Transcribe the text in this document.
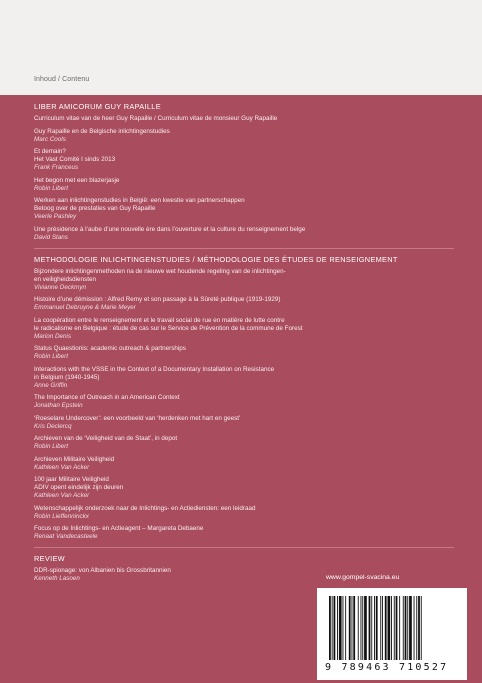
Inhoud / Contenu
LIBER AMICORUM GUY RAPAILLE
Curriculum vitae van de heer Guy Rapaille / Curriculum vitae de monsieur Guy Rapaille
Guy Rapaille en de Belgische inlichtingenstudies
Marc Cools
Et demain?
Het Vast Comité I sinds 2013
Frank Franceus
Het begon met een blazerjasje
Robin Libert
Werken aan inlichtingenstudies in België: een kwestie van partnerschappen
Betoog over de prestaties van Guy Rapaille
Veerle Pashley
Une présidence à l’aube d’une nouvelle ère dans l’ouverture et la culture du renseignement belge
David Stans
METHODOLOGIE INLICHTINGENSTUDIES / MÉTHODOLOGIE DES ÉTUDES DE RENSEIGNEMENT
Bijzondere inlichtingenmethoden na de nieuwe wet houdende regeling van de inlichtingen-
en veiligheidsdiensten
Vivianne Deckmyn
Histoire d’une démission : Alfred Remy et son passage à la Sûreté publique (1919-1929)
Emmanuel Debruyne & Marie Meyer
La coopération entre le renseignement et le travail social de rue en matière de lutte contre
le radicalisme en Belgique : étude de cas sur le Service de Prévention de la commune de Forest
Marion Denis
Status Quaestionis: academic outreach & partnerships
Robin Libert
Interactions with the VSSE in the Context of a Documentary Installation on Resistance
in Belgium (1940-1945)
Anne Griffin
The Importance of Outreach in an American Context
Jonathan Epstein
‘Roeselare Undercover’: een voorbeeld van ‘herdenken met hart en geest’
Kris Declercq
Archieven van de ‘Veiligheid van de Staat’, in depot
Robin Libert
Archieven Militaire Veiligheid
Kathleen Van Acker
100 jaar Militaire Veiligheid
ADIV opent eindelijk zijn deuren
Kathleen Van Acker
Wetenschappelijk onderzoek naar de Inlichtings- en Actiediensten: een leidraad
Robin Lieffenninckx
Focus op de Inlichtings- en Actieagent – Margareta Debaene
Renaat Vandecasteele
REVIEW
DDR-spionage: von Albanien bis Grossbritannien
Kenneth Lasoen	www.gompel-svacina.eu
9 789463 710527
